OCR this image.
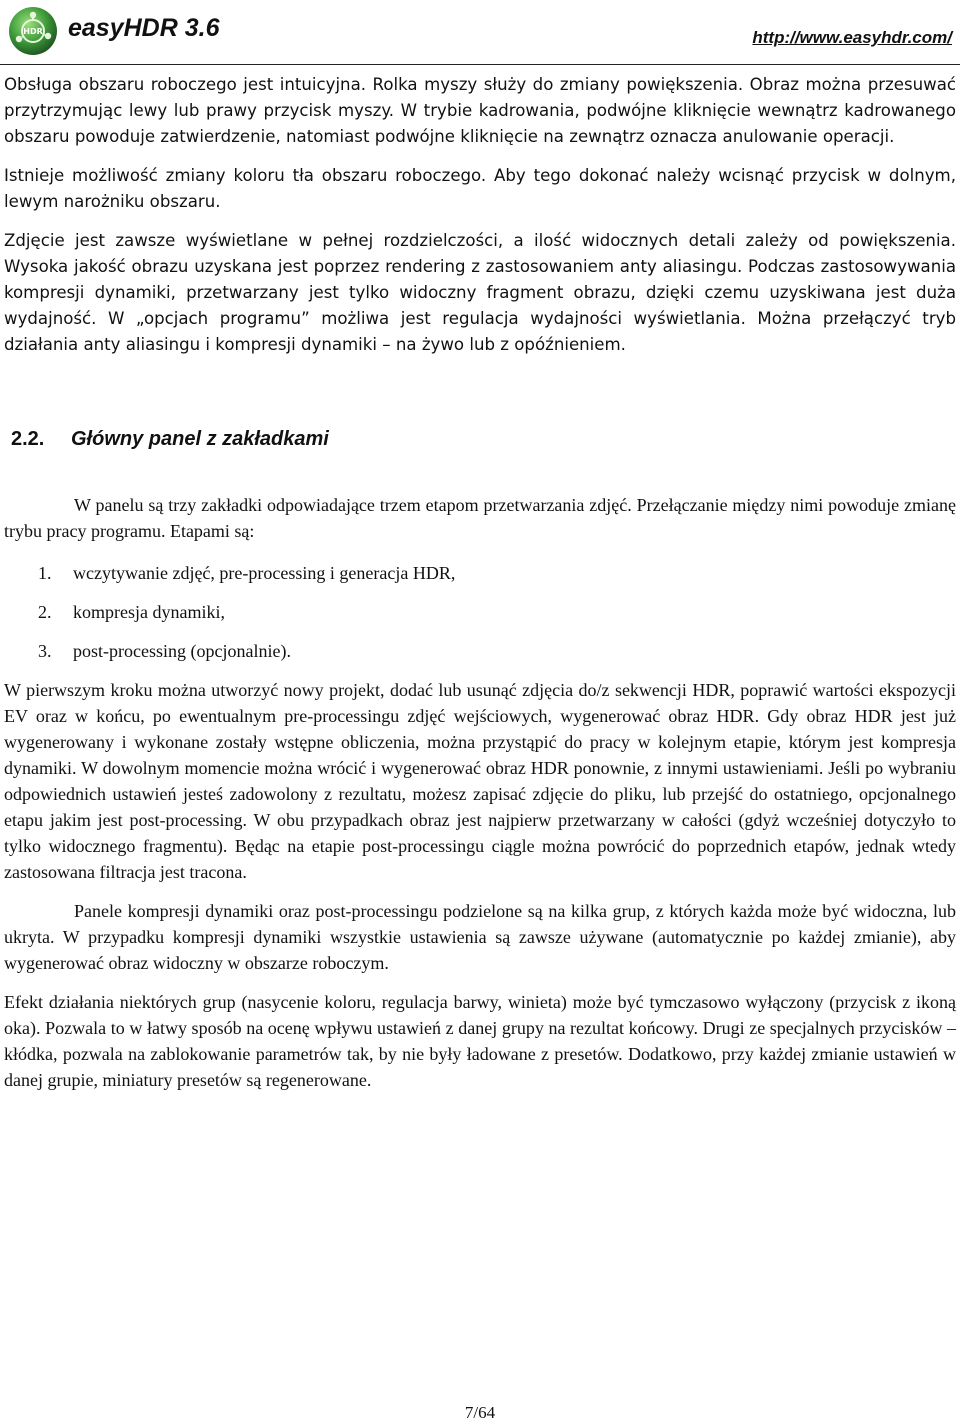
HDR easyHDR 3.6	http://www.easyhdr.com/

Obsługa obszaru roboczego jest intuicyjna. Rolka myszy służy do zmiany powiększenia. Obraz można przesuwać przytrzymując lewy lub prawy przycisk myszy. W trybie kadrowania, podwójne kliknięcie wewnątrz kadrowanego obszaru powoduje zatwierdzenie, natomiast podwójne kliknięcie na zewnątrz oznacza anulowanie operacji.

Istnieje możliwość zmiany koloru tła obszaru roboczego. Aby tego dokonać należy wcisnąć przycisk w dolnym, lewym narożniku obszaru.

Zdjęcie jest zawsze wyświetlane w pełnej rozdzielczości, a ilość widocznych detali zależy od powiększenia. Wysoka jakość obrazu uzyskana jest poprzez rendering z zastosowaniem anty aliasingu. Podczas zastosowywania kompresji dynamiki, przetwarzany jest tylko widoczny fragment obrazu, dzięki czemu uzyskiwana jest duża wydajność. W „opcjach programu” możliwa jest regulacja wydajności wyświetlania. Można przełączyć tryb działania anty aliasingu i kompresji dynamiki – na żywo lub z opóźnieniem.

2.2. Główny panel z zakładkami

W panelu są trzy zakładki odpowiadające trzem etapom przetwarzania zdjęć. Przełączanie między nimi powoduje zmianę trybu pracy programu. Etapami są:

1. wczytywanie zdjęć, pre-processing i generacja HDR,
2. kompresja dynamiki,
3. post-processing (opcjonalnie).

W pierwszym kroku można utworzyć nowy projekt, dodać lub usunąć zdjęcia do/z sekwencji HDR, poprawić wartości ekspozycji EV oraz w końcu, po ewentualnym pre-processingu zdjęć wejściowych, wygenerować obraz HDR. Gdy obraz HDR jest już wygenerowany i wykonane zostały wstępne obliczenia, można przystąpić do pracy w kolejnym etapie, którym jest kompresja dynamiki. W dowolnym momencie można wrócić i wygenerować obraz HDR ponownie, z innymi ustawieniami. Jeśli po wybraniu odpowiednich ustawień jesteś zadowolony z rezultatu, możesz zapisać zdjęcie do pliku, lub przejść do ostatniego, opcjonalnego etapu jakim jest post-processing. W obu przypadkach obraz jest najpierw przetwarzany w całości (gdyż wcześniej dotyczyło to tylko widocznego fragmentu). Będąc na etapie post-processingu ciągle można powrócić do poprzednich etapów, jednak wtedy zastosowana filtracja jest tracona.

Panele kompresji dynamiki oraz post-processingu podzielone są na kilka grup, z których każda może być widoczna, lub ukryta. W przypadku kompresji dynamiki wszystkie ustawienia są zawsze używane (automatycznie po każdej zmianie), aby wygenerować obraz widoczny w obszarze roboczym.

Efekt działania niektórych grup (nasycenie koloru, regulacja barwy, winieta) może być tymczasowo wyłączony (przycisk z ikoną oka). Pozwala to w łatwy sposób na ocenę wpływu ustawień z danej grupy na rezultat końcowy. Drugi ze specjalnych przycisków – kłódka, pozwala na zablokowanie parametrów tak, by nie były ładowane z presetów. Dodatkowo, przy każdej zmianie ustawień w danej grupie, miniatury presetów są regenerowane.

7/64
